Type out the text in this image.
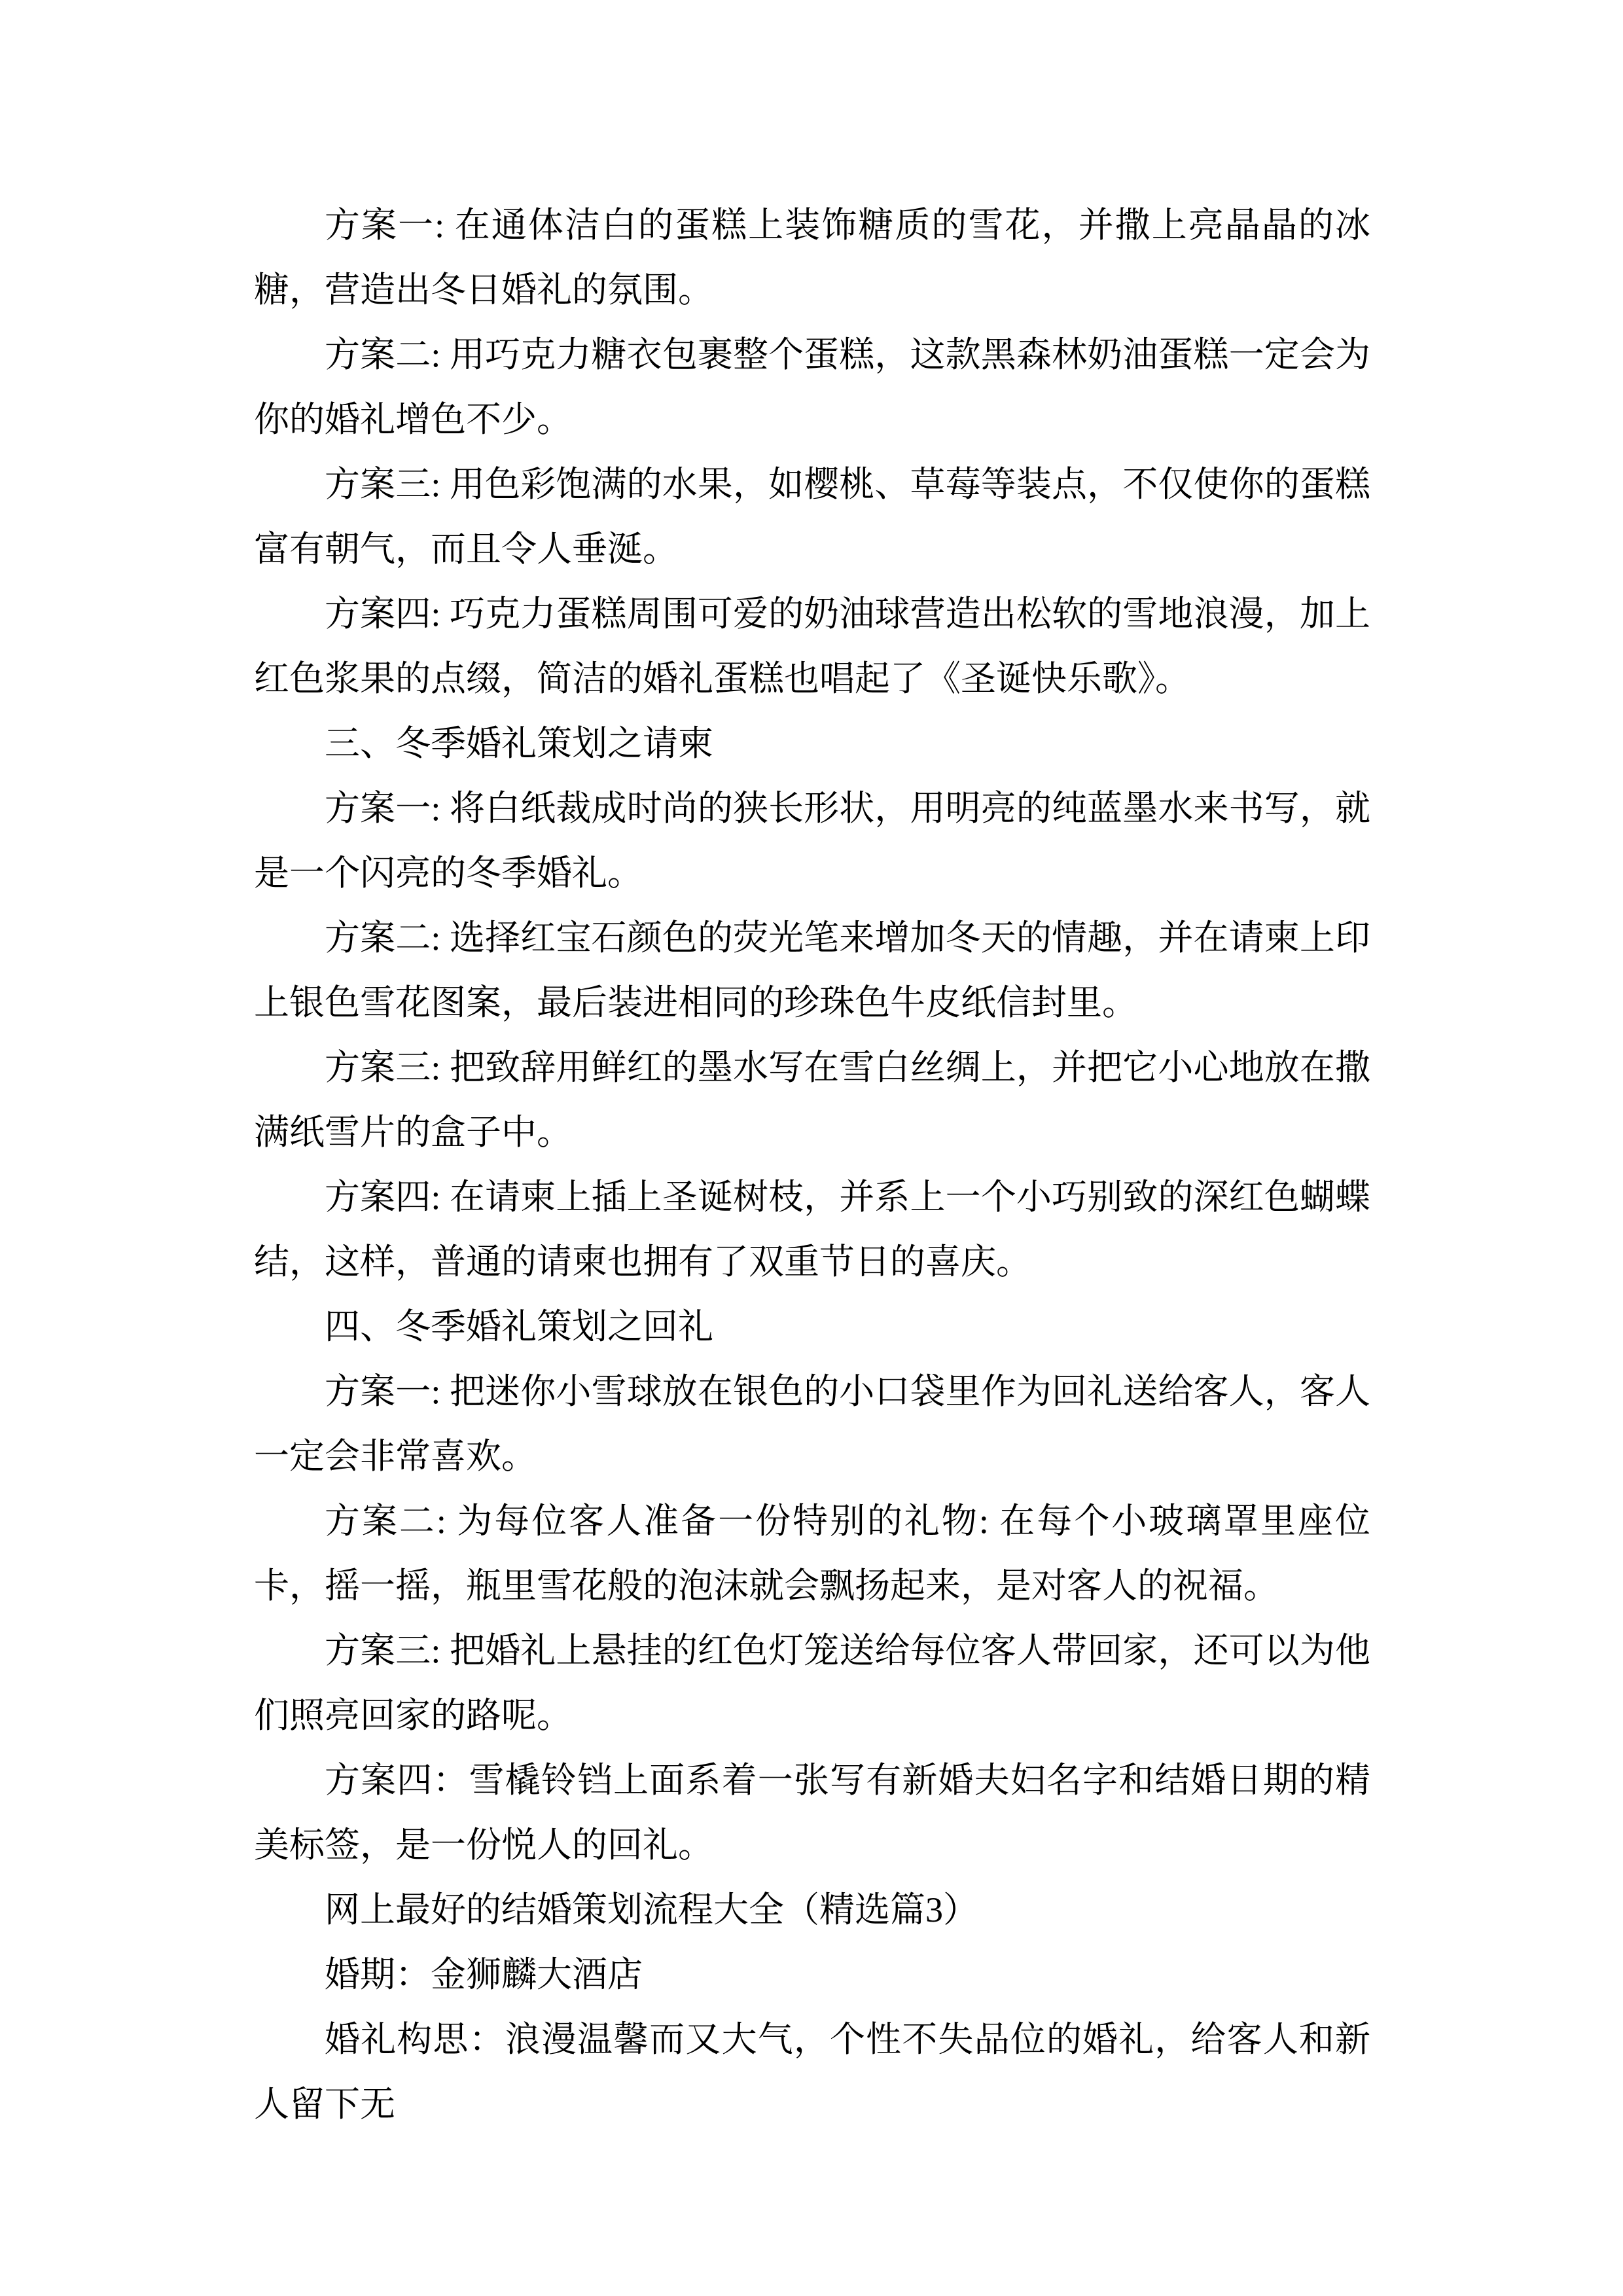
方案一: 在通体洁白的蛋糕上装饰糖质的雪花，并撒上亮晶晶的冰糖，营造出冬日婚礼的氛围。

方案二: 用巧克力糖衣包裹整个蛋糕，这款黑森林奶油蛋糕一定会为你的婚礼增色不少。

方案三: 用色彩饱满的水果，如樱桃、草莓等装点，不仅使你的蛋糕富有朝气，而且令人垂涎。

方案四: 巧克力蛋糕周围可爱的奶油球营造出松软的雪地浪漫，加上红色浆果的点缀，简洁的婚礼蛋糕也唱起了《圣诞快乐歌》。

三、冬季婚礼策划之请柬

方案一: 将白纸裁成时尚的狭长形状，用明亮的纯蓝墨水来书写，就是一个闪亮的冬季婚礼。

方案二: 选择红宝石颜色的荧光笔来增加冬天的情趣，并在请柬上印上银色雪花图案，最后装进相同的珍珠色牛皮纸信封里。

方案三: 把致辞用鲜红的墨水写在雪白丝绸上，并把它小心地放在撒满纸雪片的盒子中。

方案四: 在请柬上插上圣诞树枝，并系上一个小巧别致的深红色蝴蝶结，这样，普通的请柬也拥有了双重节日的喜庆。

四、冬季婚礼策划之回礼

方案一: 把迷你小雪球放在银色的小口袋里作为回礼送给客人，客人一定会非常喜欢。

方案二: 为每位客人准备一份特别的礼物: 在每个小玻璃罩里座位卡，摇一摇，瓶里雪花般的泡沫就会飘扬起来，是对客人的祝福。

方案三: 把婚礼上悬挂的红色灯笼送给每位客人带回家，还可以为他们照亮回家的路呢。

方案四：雪橇铃铛上面系着一张写有新婚夫妇名字和结婚日期的精美标签，是一份悦人的回礼。

网上最好的结婚策划流程大全（精选篇3）

婚期：金狮麟大酒店

婚礼构思：浪漫温馨而又大气，个性不失品位的婚礼，给客人和新人留下无
